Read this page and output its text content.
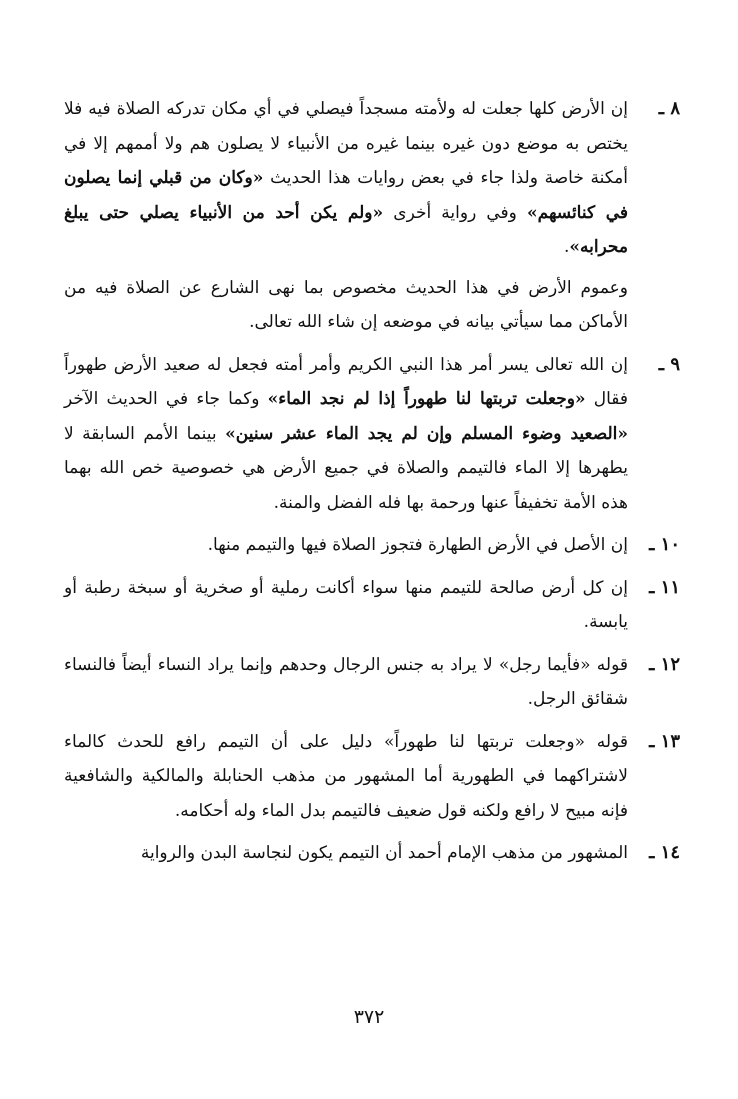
٨ ـ

إن الأرض كلها جعلت له ولأمته مسجداً فيصلي في أي مكان تدركه الصلاة فيه فلا يختص به موضع دون غيره بينما غيره من الأنبياء لا يصلون هم ولا أممهم إلا في أمكنة خاصة ولذا جاء في بعض روايات هذا الحديث «وكان من قبلي إنما يصلون في كنائسهم» وفي رواية أخرى «ولم يكن أحد من الأنبياء يصلي حتى يبلغ محرابه».

وعموم الأرض في هذا الحديث مخصوص بما نهى الشارع عن الصلاة فيه من الأماكن مما سيأتي بيانه في موضعه إن شاء الله تعالى.

٩ ـ

إن الله تعالى يسر أمر هذا النبي الكريم وأمر أمته فجعل له صعيد الأرض طهوراً فقال «وجعلت تربتها لنا طهوراً إذا لم نجد الماء» وكما جاء في الحديث الآخر «الصعيد وضوء المسلم وإن لم يجد الماء عشر سنين» بينما الأمم السابقة لا يطهرها إلا الماء فالتيمم والصلاة في جميع الأرض هي خصوصية خص الله بهما هذه الأمة تخفيفاً عنها ورحمة بها فله الفضل والمنة.

١٠ ـ

إن الأصل في الأرض الطهارة فتجوز الصلاة فيها والتيمم منها.

١١ ـ

إن كل أرض صالحة للتيمم منها سواء أكانت رملية أو صخرية أو سبخة رطبة أو يابسة.

١٢ ـ

قوله «فأيما رجل» لا يراد به جنس الرجال وحدهم وإنما يراد النساء أيضاً فالنساء شقائق الرجل.

١٣ ـ

قوله «وجعلت تربتها لنا طهوراً» دليل على أن التيمم رافع للحدث كالماء لاشتراكهما في الطهورية أما المشهور من مذهب الحنابلة والمالكية والشافعية فإنه مبيح لا رافع ولكنه قول ضعيف فالتيمم بدل الماء وله أحكامه.

١٤ ـ

المشهور من مذهب الإمام أحمد أن التيمم يكون لنجاسة البدن والرواية

٣٧٢
